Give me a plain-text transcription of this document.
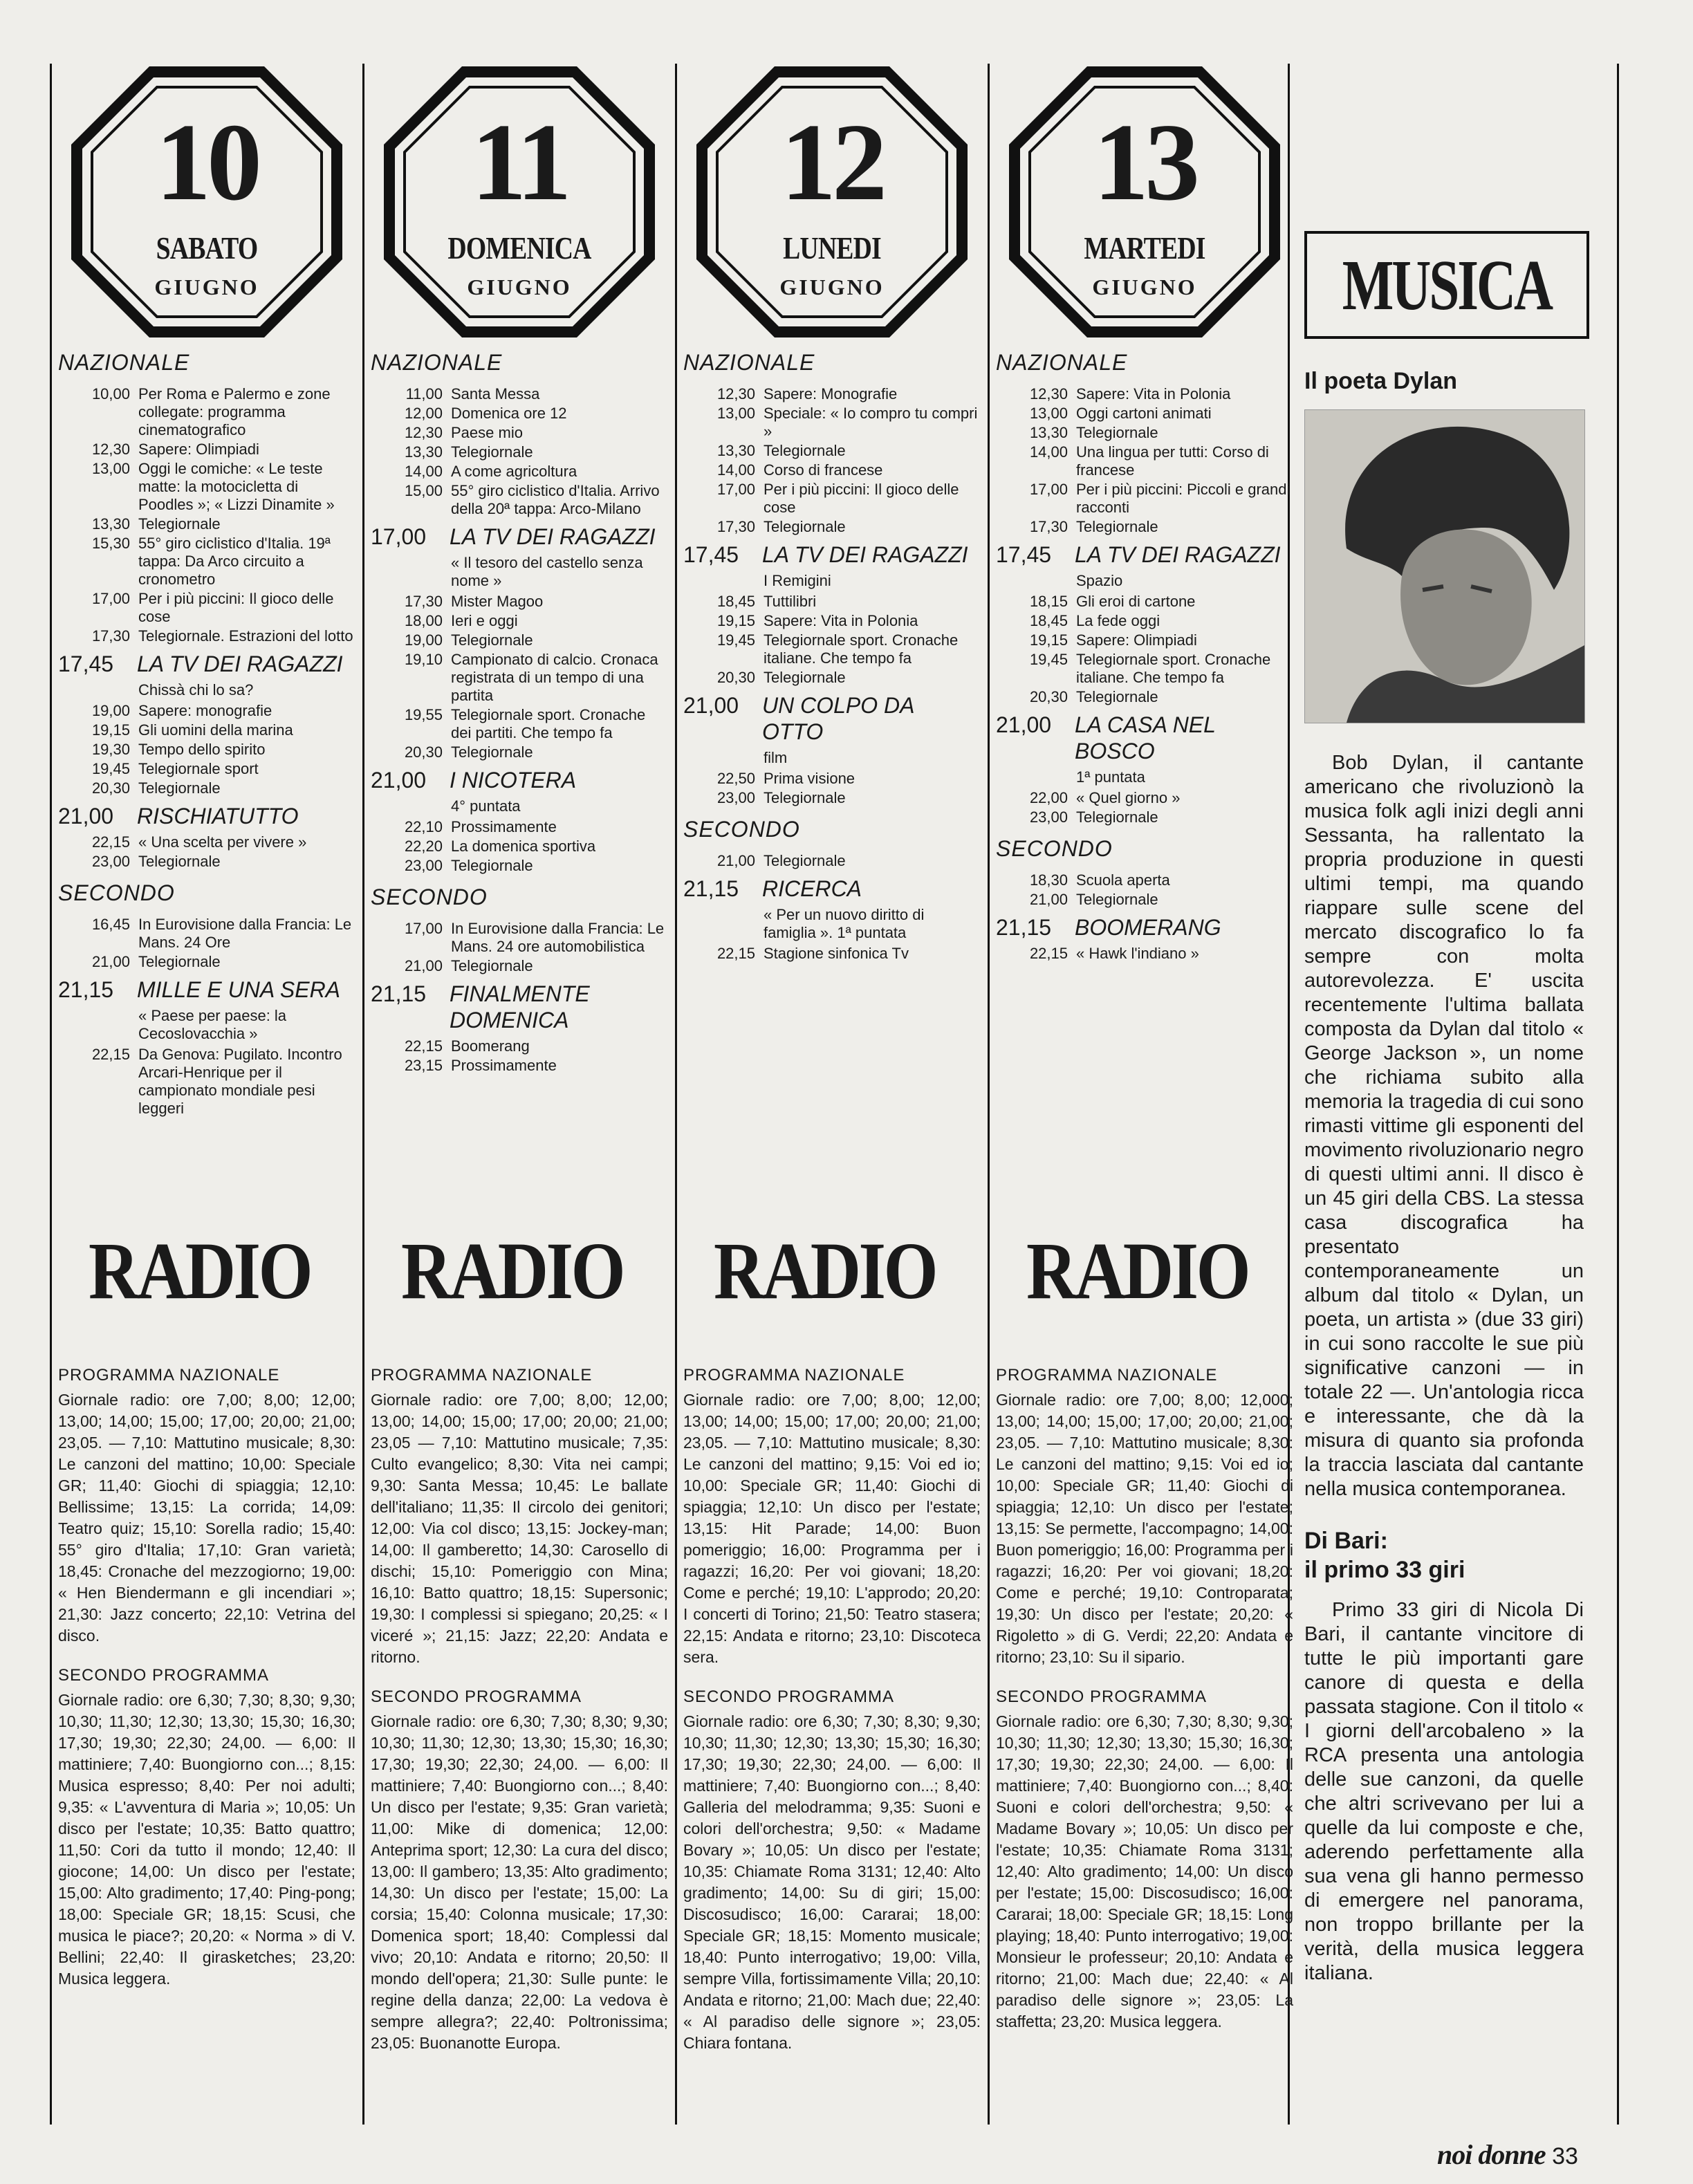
10
SABATO
GIUGNO
NAZIONALE
10,00 Per Roma e Palermo e zone collegate: programma cinematografico
12,30 Sapere: Olimpiadi
13,00 Oggi le comiche: « Le teste matte: la motocicletta di Poodles »; « Lizzi Dinamite »
13,30 Telegiornale
15,30 55° giro ciclistico d'Italia. 19ª tappa: Da Arco circuito a cronometro
17,00 Per i più piccini: Il gioco delle cose
17,30 Telegiornale. Estrazioni del lotto
17,45	LA TV DEI RAGAZZI
Chissà chi lo sa?
19,00 Sapere: monografie
19,15 Gli uomini della marina
19,30 Tempo dello spirito
19,45 Telegiornale sport
20,30 Telegiornale
21,00	RISCHIATUTTO
22,15 « Una scelta per vivere »
23,00 Telegiornale
SECONDO
16,45 In Eurovisione dalla Francia: Le Mans. 24 Ore
21,00 Telegiornale
21,15	MILLE E UNA SERA
« Paese per paese: la Cecoslovacchia »
22,15 Da Genova: Pugilato. Incontro Arcari-Henrique per il campionato mondiale pesi leggeri
11
DOMENICA
GIUGNO
NAZIONALE
11,00 Santa Messa
12,00 Domenica ore 12
12,30 Paese mio
13,30 Telegiornale
14,00 A come agricoltura
15,00 55° giro ciclistico d'Italia. Arrivo della 20ª tappa: Arco-Milano
17,00	LA TV DEI RAGAZZI
« Il tesoro del castello senza nome »
17,30 Mister Magoo
18,00 Ieri e oggi
19,00 Telegiornale
19,10 Campionato di calcio. Cronaca registrata di un tempo di una partita
19,55 Telegiornale sport. Cronache dei partiti. Che tempo fa
20,30 Telegiornale
21,00	I NICOTERA
4° puntata
22,10 Prossimamente
22,20 La domenica sportiva
23,00 Telegiornale
SECONDO
17,00 In Eurovisione dalla Francia: Le Mans. 24 ore automobilistica
21,00 Telegiornale
21,15	FINALMENTE DOMENICA
22,15 Boomerang
23,15 Prossimamente
12
LUNEDI
GIUGNO
NAZIONALE
12,30 Sapere: Monografie
13,00 Speciale: « Io compro tu compri »
13,30 Telegiornale
14,00 Corso di francese
17,00 Per i più piccini: Il gioco delle cose
17,30 Telegiornale
17,45	LA TV DEI RAGAZZI
I Remigini
18,45 Tuttilibri
19,15 Sapere: Vita in Polonia
19,45 Telegiornale sport. Cronache italiane. Che tempo fa
20,30 Telegiornale
21,00	UN COLPO DA OTTO
film
22,50 Prima visione
23,00 Telegiornale
SECONDO
21,00 Telegiornale
21,15	RICERCA
« Per un nuovo diritto di famiglia ». 1ª puntata
22,15 Stagione sinfonica Tv
13
MARTEDI
GIUGNO
NAZIONALE
12,30 Sapere: Vita in Polonia
13,00 Oggi cartoni animati
13,30 Telegiornale
14,00 Una lingua per tutti: Corso di francese
17,00 Per i più piccini: Piccoli e grandi racconti
17,30 Telegiornale
17,45	LA TV DEI RAGAZZI
Spazio
18,15 Gli eroi di cartone
18,45 La fede oggi
19,15 Sapere: Olimpiadi
19,45 Telegiornale sport. Cronache italiane. Che tempo fa
20,30 Telegiornale
21,00	LA CASA NEL BOSCO
1ª puntata
22,00 « Quel giorno »
23,00 Telegiornale
SECONDO
18,30 Scuola aperta
21,00 Telegiornale
21,15	BOOMERANG
22,15 « Hawk l'indiano »
RADIO
PROGRAMMA NAZIONALE

Giornale radio: ore 7,00; 8,00; 12,00; 13,00; 14,00; 15,00; 17,00; 20,00; 21,00; 23,05. — 7,10: Mattutino musicale; 8,30: Le canzoni del mattino; 10,00: Speciale GR; 11,40: Giochi di spiaggia; 12,10: Bellissime; 13,15: La corrida; 14,09: Teatro quiz; 15,10: Sorella radio; 15,40: 55° giro d'Italia; 17,10: Gran varietà; 18,45: Cronache del mezzogiorno; 19,00: « Hen Biendermann e gli incendiari »; 21,30: Jazz concerto; 22,10: Vetrina del disco.

SECONDO PROGRAMMA

Giornale radio: ore 6,30; 7,30; 8,30; 9,30; 10,30; 11,30; 12,30; 13,30; 15,30; 16,30; 17,30; 19,30; 22,30; 24,00. — 6,00: Il mattiniere; 7,40: Buongiorno con...; 8,15: Musica espresso; 8,40: Per noi adulti; 9,35: « L'avventura di Maria »; 10,05: Un disco per l'estate; 10,35: Batto quattro; 11,50: Cori da tutto il mondo; 12,40: Il giocone; 14,00: Un disco per l'estate; 15,00: Alto gradimento; 17,40: Ping-pong; 18,00: Speciale GR; 18,15: Scusi, che musica le piace?; 20,20: « Norma » di V. Bellini; 22,40: Il girasketches; 23,20: Musica leggera.

RADIO
PROGRAMMA NAZIONALE

Giornale radio: ore 7,00; 8,00; 12,00; 13,00; 14,00; 15,00; 17,00; 20,00; 21,00; 23,05 — 7,10: Mattutino musicale; 7,35: Culto evangelico; 8,30: Vita nei campi; 9,30: Santa Messa; 10,45: Le ballate dell'italiano; 11,35: Il circolo dei genitori; 12,00: Via col disco; 13,15: Jockey-man; 14,00: Il gamberetto; 14,30: Carosello di dischi; 15,10: Pomeriggio con Mina; 16,10: Batto quattro; 18,15: Supersonic; 19,30: I complessi si spiegano; 20,25: « I viceré »; 21,15: Jazz; 22,20: Andata e ritorno.

SECONDO PROGRAMMA

Giornale radio: ore 6,30; 7,30; 8,30; 9,30; 10,30; 11,30; 12,30; 13,30; 15,30; 16,30; 17,30; 19,30; 22,30; 24,00. — 6,00: Il mattiniere; 7,40: Buongiorno con...; 8,40: Un disco per l'estate; 9,35: Gran varietà; 11,00: Mike di domenica; 12,00: Anteprima sport; 12,30: La cura del disco; 13,00: Il gambero; 13,35: Alto gradimento; 14,30: Un disco per l'estate; 15,00: La corsia; 15,40: Colonna musicale; 17,30: Domenica sport; 18,40: Complessi dal vivo; 20,10: Andata e ritorno; 20,50: Il mondo dell'opera; 21,30: Sulle punte: le regine della danza; 22,00: La vedova è sempre allegra?; 22,40: Poltronissima; 23,05: Buonanotte Europa.

RADIO
PROGRAMMA NAZIONALE

Giornale radio: ore 7,00; 8,00; 12,00; 13,00; 14,00; 15,00; 17,00; 20,00; 21,00; 23,05. — 7,10: Mattutino musicale; 8,30: Le canzoni del mattino; 9,15: Voi ed io; 10,00: Speciale GR; 11,40: Giochi di spiaggia; 12,10: Un disco per l'estate; 13,15: Hit Parade; 14,00: Buon pomeriggio; 16,00: Programma per i ragazzi; 16,20: Per voi giovani; 18,20: Come e perché; 19,10: L'approdo; 20,20: I concerti di Torino; 21,50: Teatro stasera; 22,15: Andata e ritorno; 23,10: Discoteca sera.

SECONDO PROGRAMMA

Giornale radio: ore 6,30; 7,30; 8,30; 9,30; 10,30; 11,30; 12,30; 13,30; 15,30; 16,30; 17,30; 19,30; 22,30; 24,00. — 6,00: Il mattiniere; 7,40: Buongiorno con...; 8,40: Galleria del melodramma; 9,35: Suoni e colori dell'orchestra; 9,50: « Madame Bovary »; 10,05: Un disco per l'estate; 10,35: Chiamate Roma 3131; 12,40: Alto gradimento; 14,00: Su di giri; 15,00: Discosudisco; 16,00: Cararai; 18,00: Speciale GR; 18,15: Momento musicale; 18,40: Punto interrogativo; 19,00: Villa, sempre Villa, fortissimamente Villa; 20,10: Andata e ritorno; 21,00: Mach due; 22,40: « Al paradiso delle signore »; 23,05: Chiara fontana.

RADIO
PROGRAMMA NAZIONALE

Giornale radio: ore 7,00; 8,00; 12,000; 13,00; 14,00; 15,00; 17,00; 20,00; 21,00; 23,05. — 7,10: Mattutino musicale; 8,30: Le canzoni del mattino; 9,15: Voi ed io; 10,00: Speciale GR; 11,40: Giochi di spiaggia; 12,10: Un disco per l'estate; 13,15: Se permette, l'accompagno; 14,00: Buon pomeriggio; 16,00: Programma per i ragazzi; 16,20: Per voi giovani; 18,20: Come e perché; 19,10: Controparata; 19,30: Un disco per l'estate; 20,20: « Rigoletto » di G. Verdi; 22,20: Andata e ritorno; 23,10: Su il sipario.

SECONDO PROGRAMMA

Giornale radio: ore 6,30; 7,30; 8,30; 9,30; 10,30; 11,30; 12,30; 13,30; 15,30; 16,30; 17,30; 19,30; 22,30; 24,00. — 6,00: Il mattiniere; 7,40: Buongiorno con...; 8,40: Suoni e colori dell'orchestra; 9,50: « Madame Bovary »; 10,05: Un disco per l'estate; 10,35: Chiamate Roma 3131; 12,40: Alto gradimento; 14,00: Un disco per l'estate; 15,00: Discosudisco; 16,00: Cararai; 18,00: Speciale GR; 18,15: Long playing; 18,40: Punto interrogativo; 19,00: Monsieur le professeur; 20,10: Andata e ritorno; 21,00: Mach due; 22,40: « Al paradiso delle signore »; 23,05: La staffetta; 23,20: Musica leggera.

MUSICA
Il poeta Dylan

Bob Dylan, il cantante americano che rivoluzionò la musica folk agli inizi degli anni Sessanta, ha rallentato la propria produzione in questi ultimi tempi, ma quando riappare sulle scene del mercato discografico lo fa sempre con molta autorevolezza. E' uscita recentemente l'ultima ballata composta da Dylan dal titolo « George Jackson », un nome che richiama subito alla memoria la tragedia di cui sono rimasti vittime gli esponenti del movimento rivoluzionario negro di questi ultimi anni. Il disco è un 45 giri della CBS. La stessa casa discografica ha presentato contemporaneamente un album dal titolo « Dylan, un poeta, un artista » (due 33 giri) in cui sono raccolte le sue più significative canzoni — in totale 22 —. Un'antologia ricca e interessante, che dà la misura di quanto sia profonda la traccia lasciata dal cantante nella musica contemporanea.

Di Bari:
il primo 33 giri

Primo 33 giri di Nicola Di Bari, il cantante vincitore di tutte le più importanti gare canore di questa e della passata stagione. Con il titolo « I giorni dell'arcobaleno » la RCA presenta una antologia delle sue canzoni, da quelle che altri scrivevano per lui a quelle da lui composte e che, aderendo perfettamente alla sua vena gli hanno permesso di emergere nel panorama, non troppo brillante per la verità, della musica leggera italiana.

noi donne 33
